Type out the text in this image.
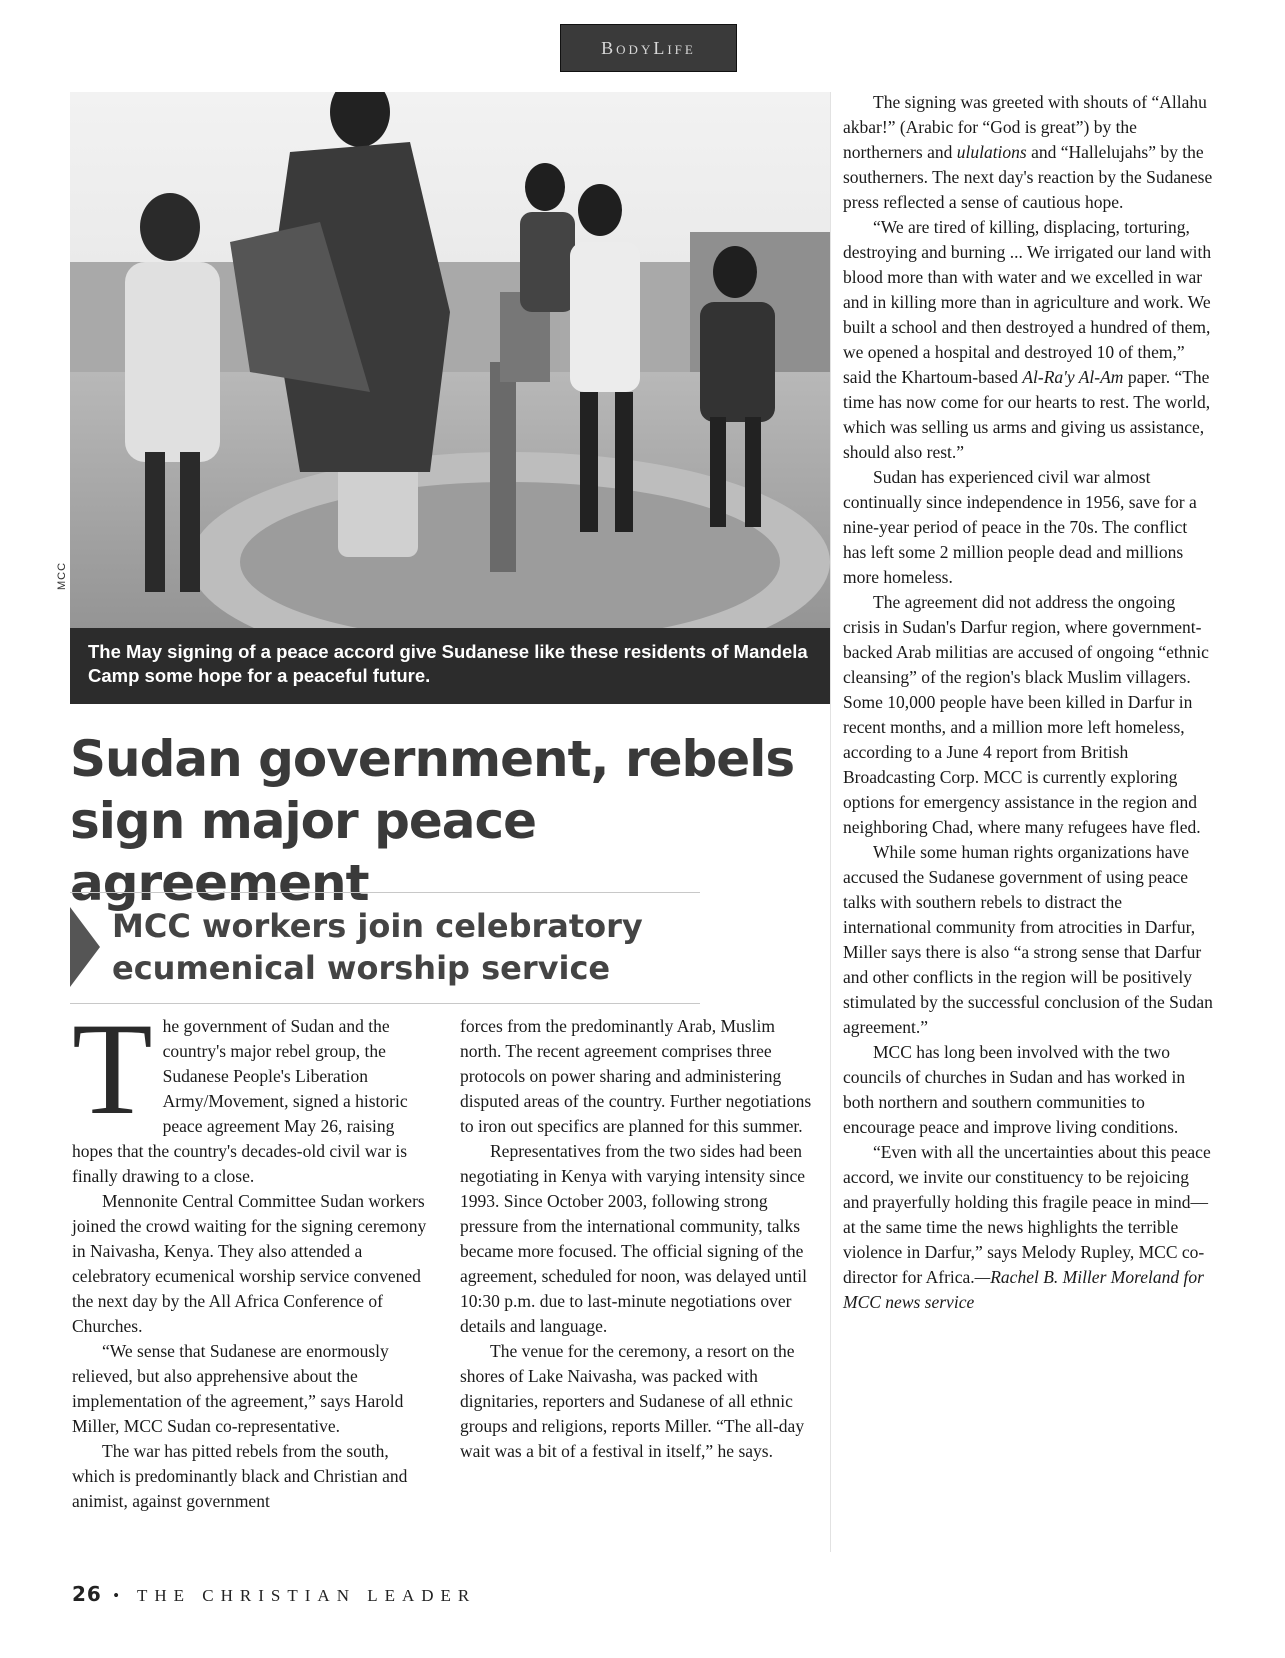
BodyLife
MCC
The May signing of a peace accord give Sudanese like these residents of Mandela Camp some hope for a peaceful future.
Sudan government, rebels
sign major peace agreement
MCC workers join celebratory
ecumenical worship service

The government of Sudan and the country's major rebel group, the Sudanese People's Liberation Army/Movement, signed a historic peace agreement May 26, raising hopes that the country's decades-old civil war is finally drawing to a close.

Mennonite Central Committee Sudan workers joined the crowd waiting for the signing ceremony in Naivasha, Kenya. They also attended a celebratory ecumenical worship service convened the next day by the All Africa Conference of Churches.

“We sense that Sudanese are enormously relieved, but also apprehensive about the implementation of the agreement,” says Harold Miller, MCC Sudan co-representative.

The war has pitted rebels from the south, which is predominantly black and Christian and animist, against government

forces from the predominantly Arab, Muslim north. The recent agreement comprises three protocols on power sharing and administering disputed areas of the country. Further negotiations to iron out specifics are planned for this summer.

Representatives from the two sides had been negotiating in Kenya with varying intensity since 1993. Since October 2003, following strong pressure from the international community, talks became more focused. The official signing of the agreement, scheduled for noon, was delayed until 10:30 p.m. due to last-minute negotiations over details and language.

The venue for the ceremony, a resort on the shores of Lake Naivasha, was packed with dignitaries, reporters and Sudanese of all ethnic groups and religions, reports Miller. “The all-day wait was a bit of a festival in itself,” he says.

The signing was greeted with shouts of “Allahu akbar!” (Arabic for “God is great”) by the northerners and ululations and “Hallelujahs” by the southerners. The next day's reaction by the Sudanese press reflected a sense of cautious hope.

“We are tired of killing, displacing, torturing, destroying and burning ... We irrigated our land with blood more than with water and we excelled in war and in killing more than in agriculture and work. We built a school and then destroyed a hundred of them, we opened a hospital and destroyed 10 of them,” said the Khartoum-based Al-Ra'y Al-Am paper. “The time has now come for our hearts to rest. The world, which was selling us arms and giving us assistance, should also rest.”

Sudan has experienced civil war almost continually since independence in 1956, save for a nine-year period of peace in the 70s. The conflict has left some 2 million people dead and millions more homeless.

The agreement did not address the ongoing crisis in Sudan's Darfur region, where government-backed Arab militias are accused of ongoing “ethnic cleansing” of the region's black Muslim villagers. Some 10,000 people have been killed in Darfur in recent months, and a million more left homeless, according to a June 4 report from British Broadcasting Corp. MCC is currently exploring options for emergency assistance in the region and neighboring Chad, where many refugees have fled.

While some human rights organizations have accused the Sudanese government of using peace talks with southern rebels to distract the international community from atrocities in Darfur, Miller says there is also “a strong sense that Darfur and other conflicts in the region will be positively stimulated by the successful conclusion of the Sudan agreement.”

MCC has long been involved with the two councils of churches in Sudan and has worked in both northern and southern communities to encourage peace and improve living conditions.

“Even with all the uncertainties about this peace accord, we invite our constituency to be rejoicing and prayerfully holding this fragile peace in mind—at the same time the news highlights the terrible violence in Darfur,” says Melody Rupley, MCC co-director for Africa.—Rachel B. Miller Moreland for MCC news service

26 • THE CHRISTIAN LEADER
